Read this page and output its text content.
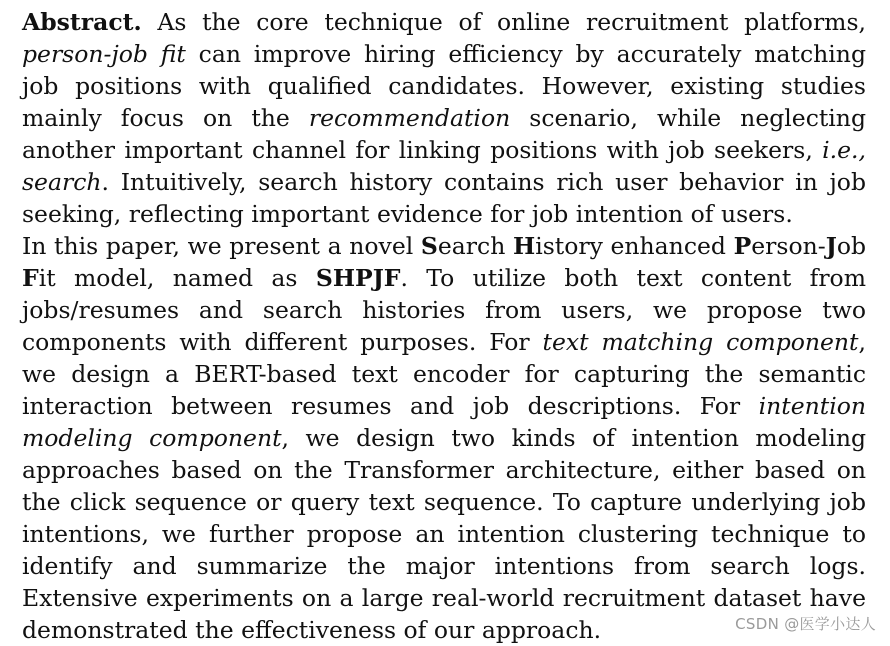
Abstract. As the core technique of online recruitment platforms, person-job fit can improve hiring efficiency by accurately matching job positions with qualified candidates. However, existing studies mainly focus on the recommendation scenario, while neglecting another important channel for linking positions with job seekers, i.e., search. Intuitively, search history contains rich user behavior in job seeking, reflecting important evidence for job intention of users.

In this paper, we present a novel Search History enhanced Person-Job Fit model, named as SHPJF. To utilize both text content from jobs/resumes and search histories from users, we propose two components with different purposes. For text matching component, we design a BERT-based text encoder for capturing the semantic interaction between resumes and job descriptions. For intention modeling component, we design two kinds of intention modeling approaches based on the Transformer architecture, either based on the click sequence or query text sequence. To capture underlying job intentions, we further propose an intention clustering technique to identify and summarize the major intentions from search logs. Extensive experiments on a large real-world recruitment dataset have demonstrated the effectiveness of our approach.	CSDN @医学小达人
